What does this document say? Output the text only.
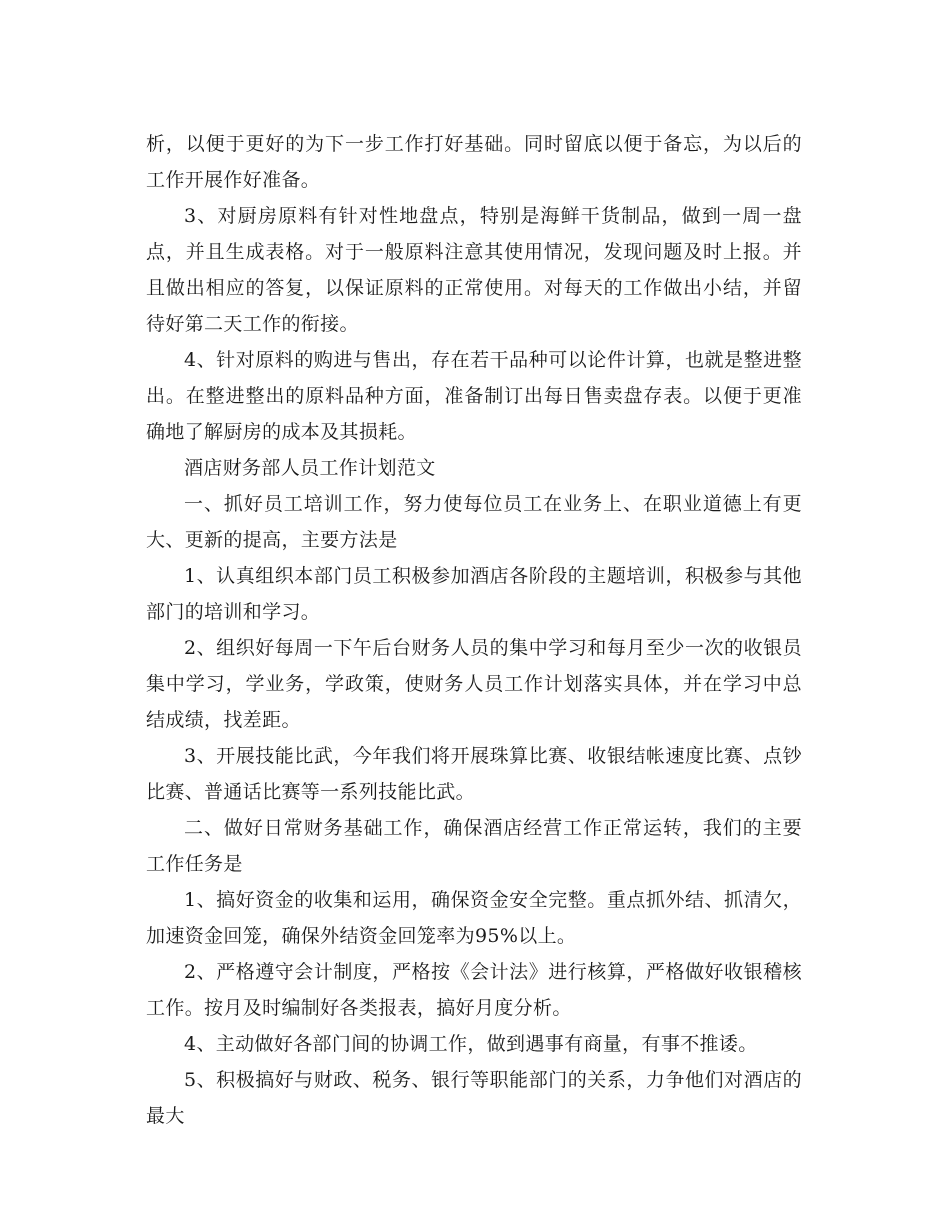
析，以便于更好的为下一步工作打好基础。同时留底以便于备忘，为以后的工作开展作好准备。

3、对厨房原料有针对性地盘点，特别是海鲜干货制品，做到一周一盘点，并且生成表格。对于一般原料注意其使用情况，发现问题及时上报。并且做出相应的答复，以保证原料的正常使用。对每天的工作做出小结，并留待好第二天工作的衔接。

4、针对原料的购进与售出，存在若干品种可以论件计算，也就是整进整出。在整进整出的原料品种方面，准备制订出每日售卖盘存表。以便于更准确地了解厨房的成本及其损耗。

酒店财务部人员工作计划范文

一、抓好员工培训工作，努力使每位员工在业务上、在职业道德上有更大、更新的提高，主要方法是

1、认真组织本部门员工积极参加酒店各阶段的主题培训，积极参与其他部门的培训和学习。

2、组织好每周一下午后台财务人员的集中学习和每月至少一次的收银员集中学习，学业务，学政策，使财务人员工作计划落实具体，并在学习中总结成绩，找差距。

3、开展技能比武，今年我们将开展珠算比赛、收银结帐速度比赛、点钞比赛、普通话比赛等一系列技能比武。

二、做好日常财务基础工作，确保酒店经营工作正常运转，我们的主要工作任务是

1、搞好资金的收集和运用，确保资金安全完整。重点抓外结、抓清欠，加速资金回笼，确保外结资金回笼率为95%以上。

2、严格遵守会计制度，严格按《会计法》进行核算，严格做好收银稽核工作。按月及时编制好各类报表，搞好月度分析。

4、主动做好各部门间的协调工作，做到遇事有商量，有事不推诿。

5、积极搞好与财政、税务、银行等职能部门的关系，力争他们对酒店的最大
